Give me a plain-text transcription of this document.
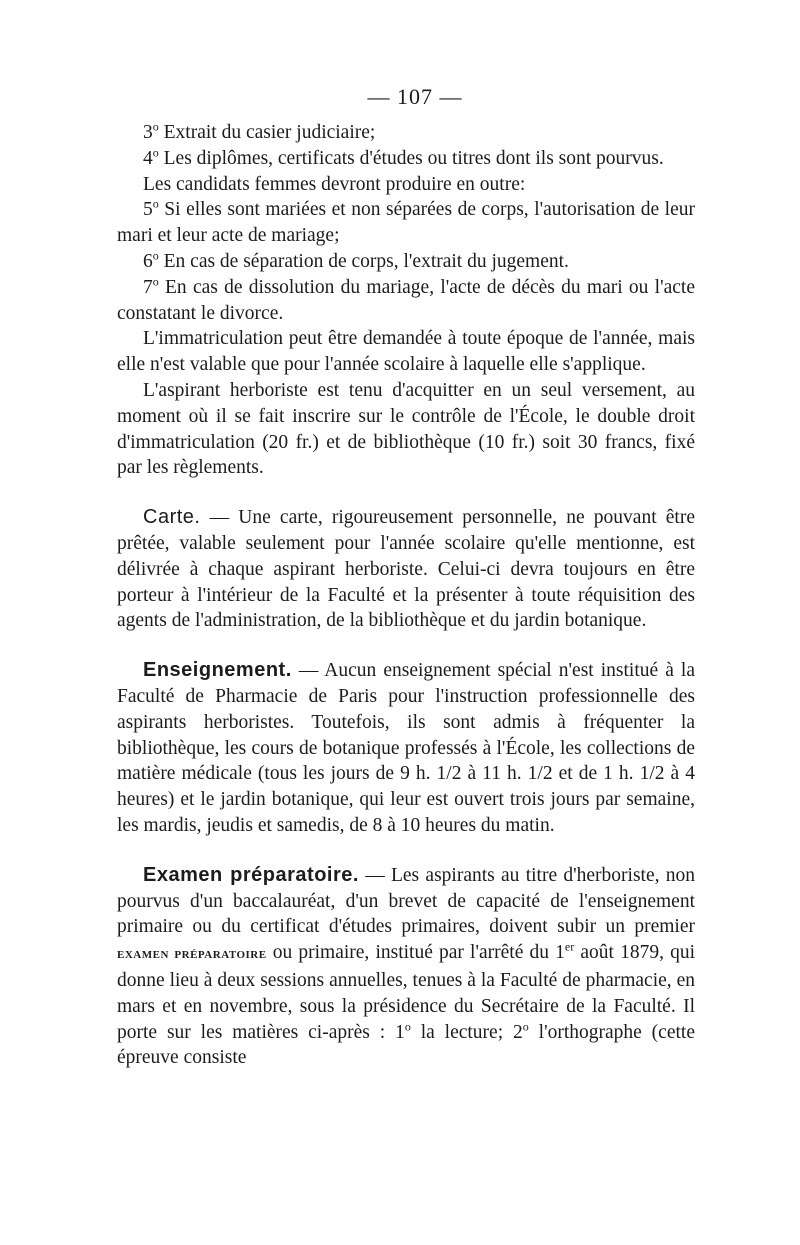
— 107 —

3$^o$ Extrait du casier judiciaire;

4$^o$ Les diplômes, certificats d'études ou titres dont ils sont pourvus.

Les candidats femmes devront produire en outre:

5$^o$ Si elles sont mariées et non séparées de corps, l'autorisation de leur mari et leur acte de mariage;

6$^o$ En cas de séparation de corps, l'extrait du jugement.

7$^o$ En cas de dissolution du mariage, l'acte de décès du mari ou l'acte constatant le divorce.

L'immatriculation peut être demandée à toute époque de l'année, mais elle n'est valable que pour l'année scolaire à laquelle elle s'applique.

L'aspirant herboriste est tenu d'acquitter en un seul versement, au moment où il se fait inscrire sur le contrôle de l'École, le double droit d'immatriculation (20 fr.) et de bibliothèque (10 fr.) soit 30 francs, fixé par les règlements.

Carte. — Une carte, rigoureusement personnelle, ne pouvant être prêtée, valable seulement pour l'année scolaire qu'elle mentionne, est délivrée à chaque aspirant herboriste. Celui-ci devra toujours en être porteur à l'intérieur de la Faculté et la présenter à toute réquisition des agents de l'administration, de la bibliothèque et du jardin botanique.

Enseignement. — Aucun enseignement spécial n'est institué à la Faculté de Pharmacie de Paris pour l'instruction professionnelle des aspirants herboristes. Toutefois, ils sont admis à fréquenter la bibliothèque, les cours de botanique professés à l'École, les collections de matière médicale (tous les jours de 9 h. 1/2 à 11 h. 1/2 et de 1 h. 1/2 à 4 heures) et le jardin botanique, qui leur est ouvert trois jours par semaine, les mardis, jeudis et samedis, de 8 à 10 heures du matin.

Examen préparatoire. — Les aspirants au titre d'herboriste, non pourvus d'un baccalauréat, d'un brevet de capacité de l'enseignement primaire ou du certificat d'études primaires, doivent subir un premier examen préparatoire ou primaire, institué par l'arrêté du 1er août 1879, qui donne lieu à deux sessions annuelles, tenues à la Faculté de pharmacie, en mars et en novembre, sous la présidence du Secrétaire de la Faculté. Il porte sur les matières ci-après : 1$^o$ la lecture; 2$^o$ l'orthographe (cette épreuve consiste
